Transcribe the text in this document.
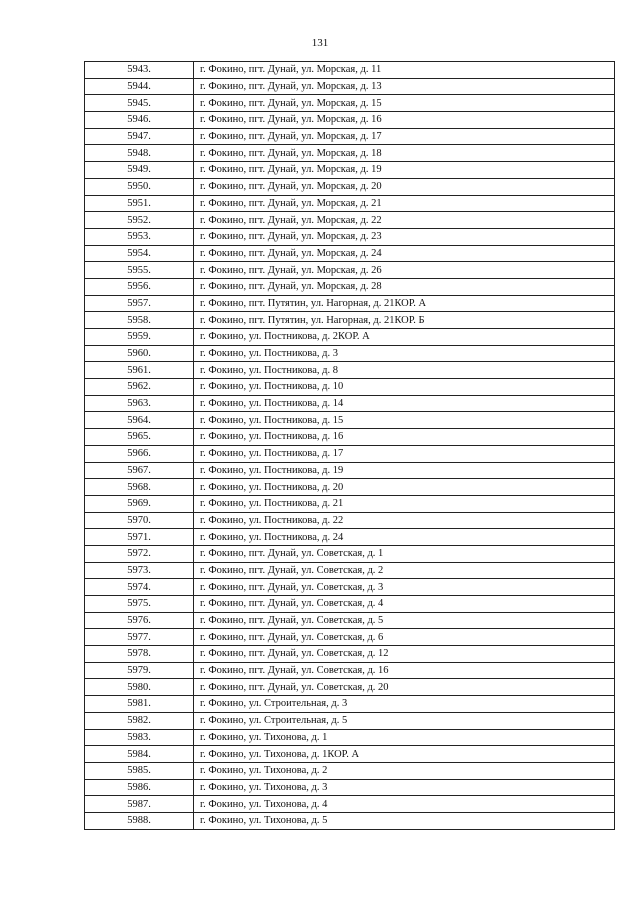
131
5943.	г. Фокино, пгт. Дунай, ул. Морская, д. 11
5944.	г. Фокино, пгт. Дунай, ул. Морская, д. 13
5945.	г. Фокино, пгт. Дунай, ул. Морская, д. 15
5946.	г. Фокино, пгт. Дунай, ул. Морская, д. 16
5947.	г. Фокино, пгт. Дунай, ул. Морская, д. 17
5948.	г. Фокино, пгт. Дунай, ул. Морская, д. 18
5949.	г. Фокино, пгт. Дунай, ул. Морская, д. 19
5950.	г. Фокино, пгт. Дунай, ул. Морская, д. 20
5951.	г. Фокино, пгт. Дунай, ул. Морская, д. 21
5952.	г. Фокино, пгт. Дунай, ул. Морская, д. 22
5953.	г. Фокино, пгт. Дунай, ул. Морская, д. 23
5954.	г. Фокино, пгт. Дунай, ул. Морская, д. 24
5955.	г. Фокино, пгт. Дунай, ул. Морская, д. 26
5956.	г. Фокино, пгт. Дунай, ул. Морская, д. 28
5957.	г. Фокино, пгт. Путятин, ул. Нагорная, д. 21КОР. А
5958.	г. Фокино, пгт. Путятин, ул. Нагорная, д. 21КОР. Б
5959.	г. Фокино, ул. Постникова, д. 2КОР. А
5960.	г. Фокино, ул. Постникова, д. 3
5961.	г. Фокино, ул. Постникова, д. 8
5962.	г. Фокино, ул. Постникова, д. 10
5963.	г. Фокино, ул. Постникова, д. 14
5964.	г. Фокино, ул. Постникова, д. 15
5965.	г. Фокино, ул. Постникова, д. 16
5966.	г. Фокино, ул. Постникова, д. 17
5967.	г. Фокино, ул. Постникова, д. 19
5968.	г. Фокино, ул. Постникова, д. 20
5969.	г. Фокино, ул. Постникова, д. 21
5970.	г. Фокино, ул. Постникова, д. 22
5971.	г. Фокино, ул. Постникова, д. 24
5972.	г. Фокино, пгт. Дунай, ул. Советская, д. 1
5973.	г. Фокино, пгт. Дунай, ул. Советская, д. 2
5974.	г. Фокино, пгт. Дунай, ул. Советская, д. 3
5975.	г. Фокино, пгт. Дунай, ул. Советская, д. 4
5976.	г. Фокино, пгт. Дунай, ул. Советская, д. 5
5977.	г. Фокино, пгт. Дунай, ул. Советская, д. 6
5978.	г. Фокино, пгт. Дунай, ул. Советская, д. 12
5979.	г. Фокино, пгт. Дунай, ул. Советская, д. 16
5980.	г. Фокино, пгт. Дунай, ул. Советская, д. 20
5981.	г. Фокино, ул. Строительная, д. 3
5982.	г. Фокино, ул. Строительная, д. 5
5983.	г. Фокино, ул. Тихонова, д. 1
5984.	г. Фокино, ул. Тихонова, д. 1КОР. А
5985.	г. Фокино, ул. Тихонова, д. 2
5986.	г. Фокино, ул. Тихонова, д. 3
5987.	г. Фокино, ул. Тихонова, д. 4
5988.	г. Фокино, ул. Тихонова, д. 5
